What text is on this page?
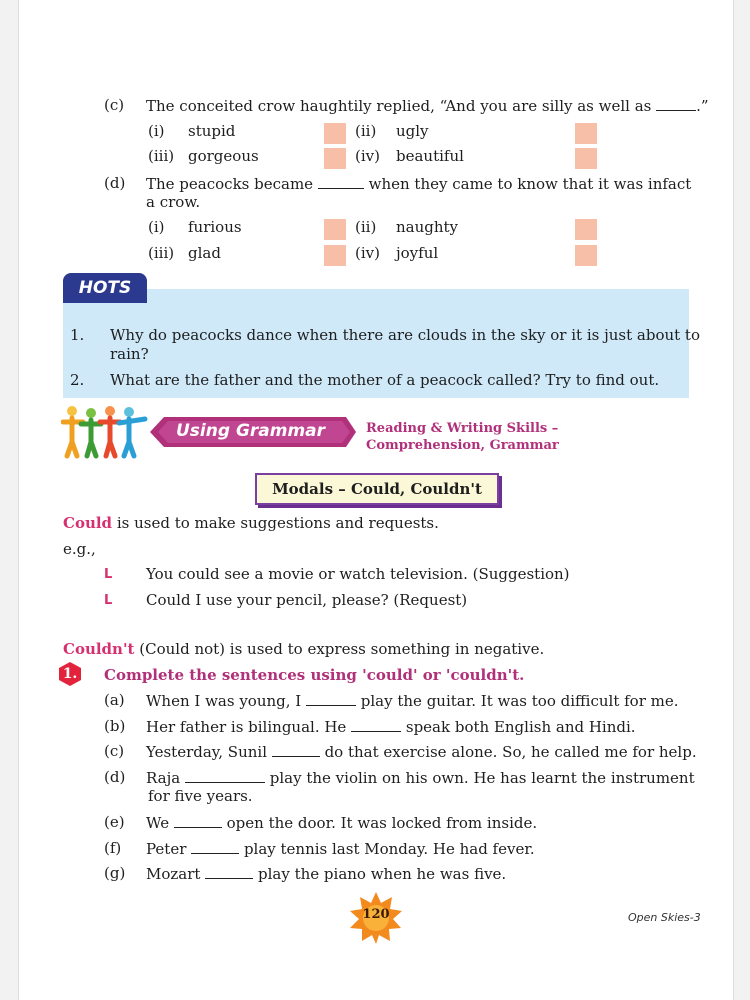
(c) The conceited crow haughtily replied, “And you are silly as well as	.”
(i) stupid	(ii) ugly
(iii) gorgeous	(iv) beautiful
(d) The peacocks became	when they came to know that it was infact
a crow.
(i) furious	(ii) naughty
(iii) glad	(iv) joyful
HOTS
1. Why do peacocks dance when there are clouds in the sky or it is just about to
rain?
2. What are the father and the mother of a peacock called? Try to find out.
Using Grammar	Reading & Writing Skills –
Comprehension, Grammar
Modals – Could, Couldn't
Could is used to make suggestions and requests.
e.g.,
L You could see a movie or watch television. (Suggestion)
L Could I use your pencil, please? (Request)
Couldn't (Could not) is used to express something in negative.
1.	Complete the sentences using 'could' or 'couldn't.
(a) When I was young, I	play the guitar. It was too difficult for me.
(b) Her father is bilingual. He	speak both English and Hindi.
(c) Yesterday, Sunil	do that exercise alone. So, he called me for help.
(d) Raja	play the violin on his own. He has learnt the instrument
for five years.
(e) We	open the door. It was locked from inside.
(f) Peter	play tennis last Monday. He had fever.
(g) Mozart	play the piano when he was five.
120	Open Skies-3
